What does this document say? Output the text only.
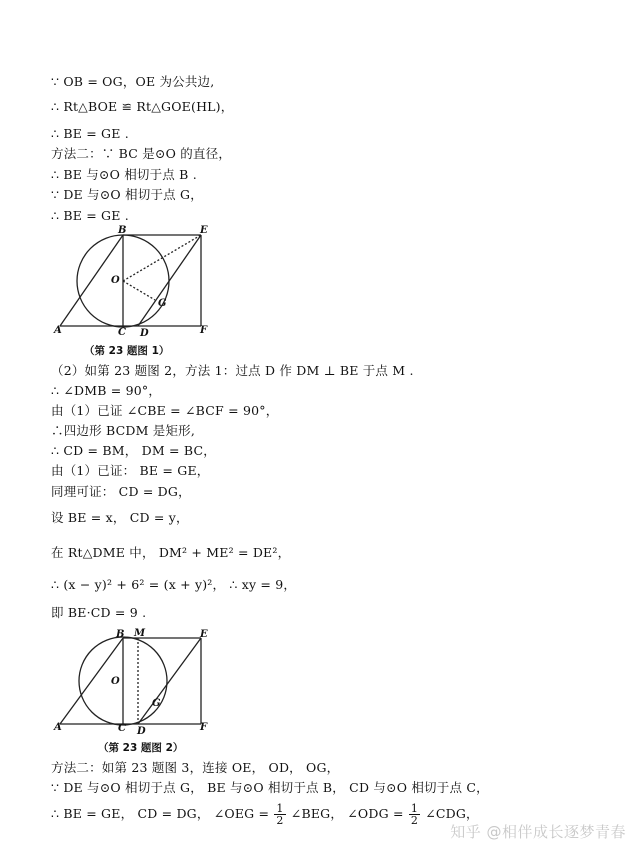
∵ OB = OG，OE 为公共边,
∴ Rt△BOE ≌ Rt△GOE(HL)，
∴ BE = GE .
方法二：∵ BC 是⊙O 的直径，
∴ BE 与⊙O 相切于点 B .
∵ DE 与⊙O 相切于点 G，
∴ BE = GE .
B	E
O
G
A	C D	F
（第 23 题图 1）
（2）如第 23 题图 2，方法 1：过点 D 作 DM ⊥ BE 于点 M .
∴ ∠DMB = 90°，
由（1）已证 ∠CBE = ∠BCF = 90°，
∴四边形 BCDM 是矩形,
∴ CD = BM， DM = BC，
由（1）已证： BE = GE，
同理可证： CD = DG，
设 BE = x， CD = y，
在 Rt△DME 中， DM² + ME² = DE²，
∴ (x − y)² + 6² = (x + y)²， ∴ xy = 9，
即 BE·CD = 9 .
B M	E
O
G
A	C D	F
（第 23 题图 2）
方法二：如第 23 题图 3，连接 OE， OD， OG，
∵ DE 与⊙O 相切于点 G， BE 与⊙O 相切于点 B， CD 与⊙O 相切于点 C，
∴ BE = GE， CD = DG， ∠OEG = $\frac{1}{2}$ ∠BEG， ∠ODG = $\frac{1}{2}$ ∠CDG，
知乎 @相伴成长逐梦青春
